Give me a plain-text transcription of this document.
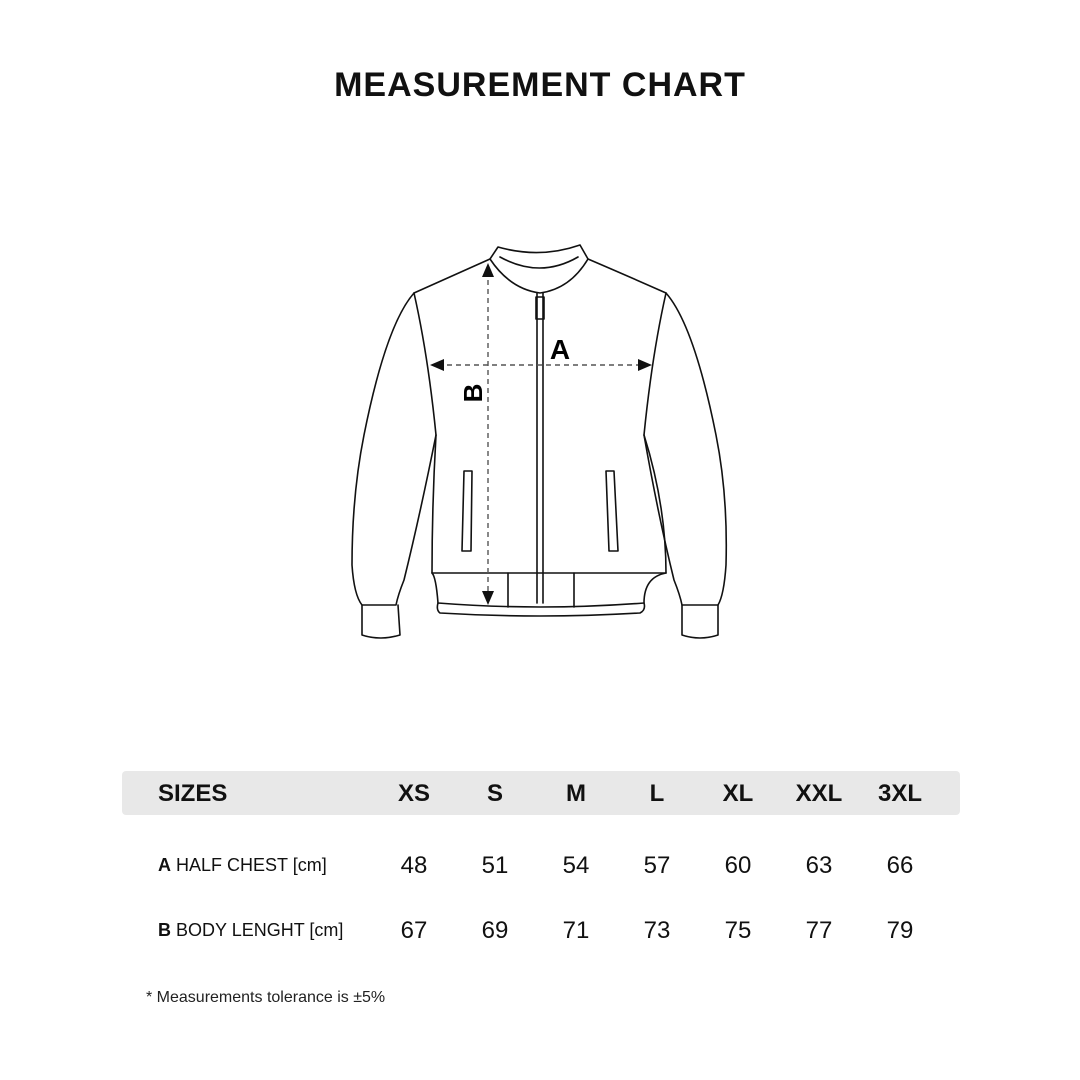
MEASUREMENT CHART
A
B
SIZES	XS	S	M	L	XL	XXL	3XL
A HALF CHEST [cm]	48	51	54	57	60	63	66
B BODY LENGHT [cm]	67	69	71	73	75	77	79
* Measurements tolerance is ±5%
